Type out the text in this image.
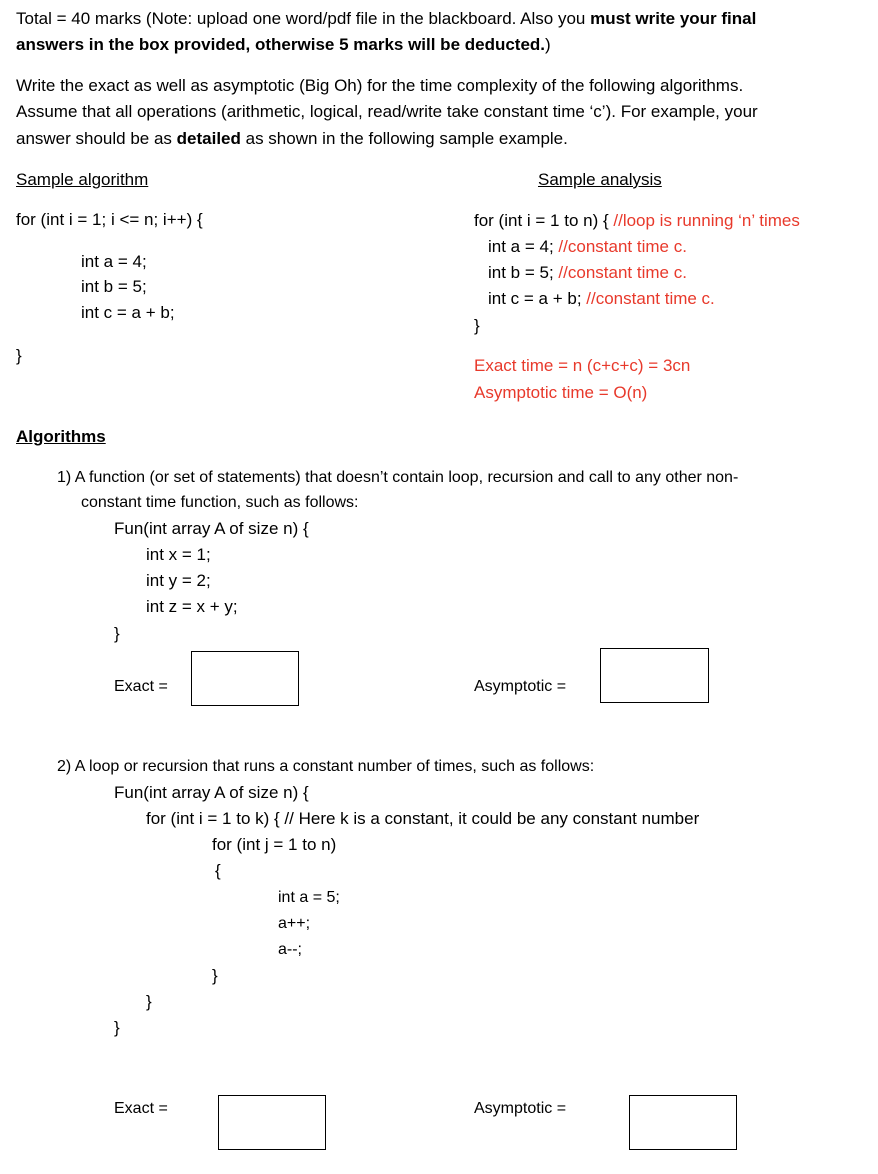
Total = 40 marks (Note: upload one word/pdf file in the blackboard. Also you must write your final
answers in the box provided, otherwise 5 marks will be deducted.)
Write the exact as well as asymptotic (Big Oh) for the time complexity of the following algorithms.
Assume that all operations (arithmetic, logical, read/write take constant time ‘c’). For example, your
answer should be as detailed as shown in the following sample example.
Sample algorithm	Sample analysis
for (int i = 1; i <= n; i++) {
int a = 4;
int b = 5;
int c = a + b;
}
for (int i = 1 to n) { //loop is running ‘n’ times
int a = 4; //constant time c.
int b = 5; //constant time c.
int c = a + b; //constant time c.
}
Exact time = n (c+c+c) = 3cn
Asymptotic time = O(n)
Algorithms
1) A function (or set of statements) that doesn’t contain loop, recursion and call to any other non-
constant time function, such as follows:
Fun(int array A of size n) {
int x = 1;
int y = 2;
int z = x + y;
}
Exact =	Asymptotic =
2) A loop or recursion that runs a constant number of times, such as follows:
Fun(int array A of size n) {
for (int i = 1 to k) { // Here k is a constant, it could be any constant number
for (int j = 1 to n)
{
int a = 5;
a++;
a--;
}
}
}
Exact =	Asymptotic =
